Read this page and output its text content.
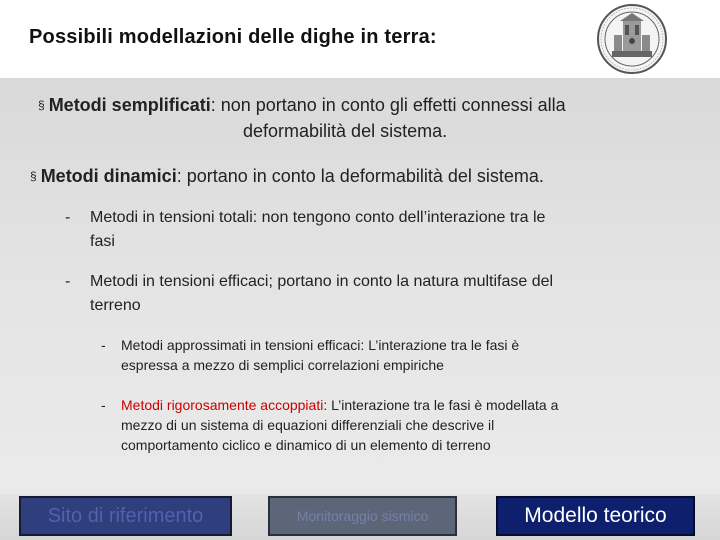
Possibili modellazioni delle dighe in terra:
§ Metodi semplificati: non portano in conto gli effetti connessi alla
deformabilità del sistema.
§ Metodi dinamici: portano in conto la deformabilità del sistema.
-	Metodi in tensioni totali: non tengono conto dell’interazione tra le
fasi
-	Metodi in tensioni efficaci; portano in conto la natura multifase del
terreno
-	Metodi approssimati in tensioni efficaci: L’interazione tra le fasi è
espressa a mezzo di semplici correlazioni empiriche
-	Metodi rigorosamente accoppiati: L’interazione tra le fasi è modellata a
mezzo di un sistema di equazioni differenziali che descrive il
comportamento ciclico e dinamico di un elemento di terreno
Sito di riferimento	Monitoraggio sismico	Modello teorico
